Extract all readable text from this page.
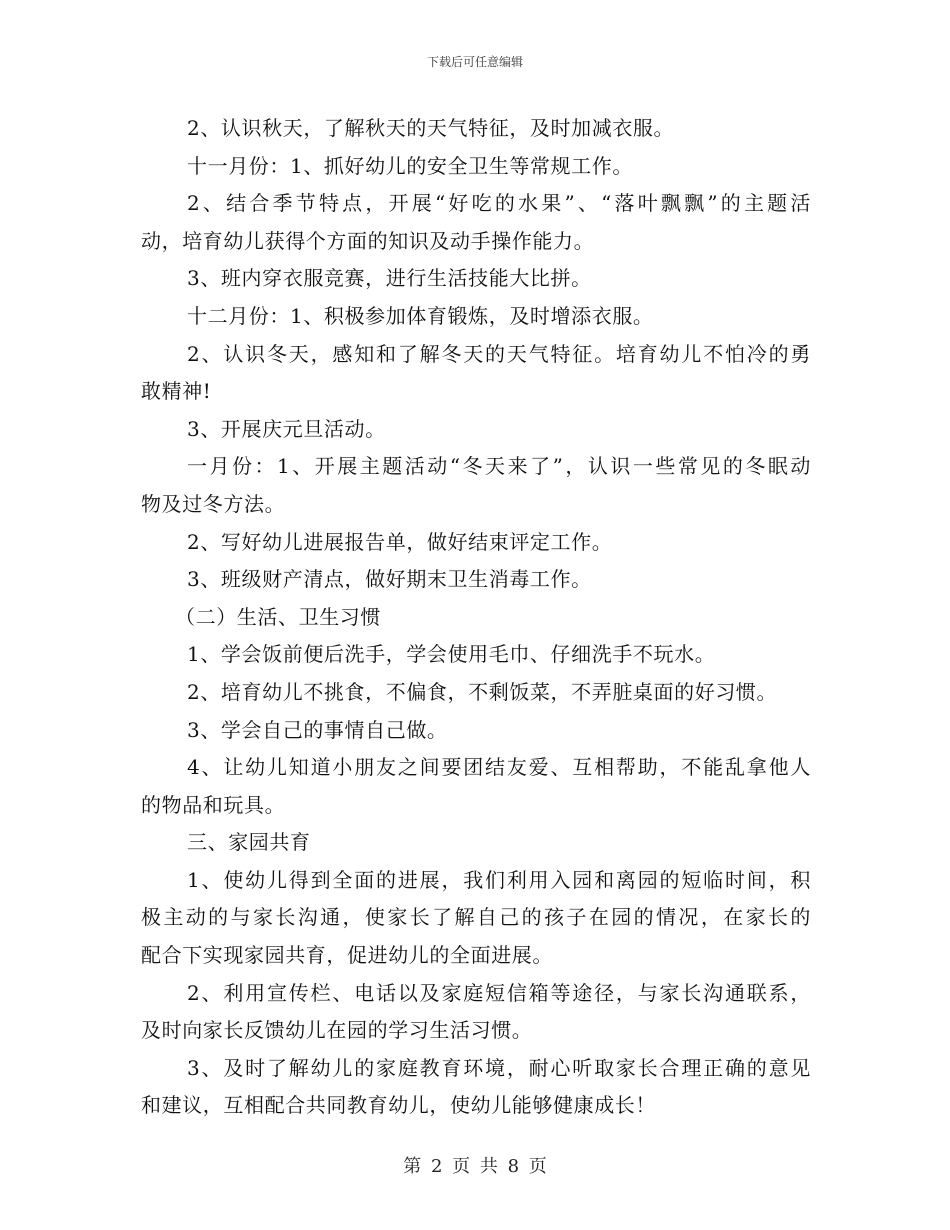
下载后可任意编辑
2、认识秋天，了解秋天的天气特征，及时加减衣服。
十一月份：1、抓好幼儿的安全卫生等常规工作。
2、结合季节特点，开展“好吃的水果”、“落叶飘飘”的主题活
动，培育幼儿获得个方面的知识及动手操作能力。
3、班内穿衣服竞赛，进行生活技能大比拼。
十二月份：1、积极参加体育锻炼，及时增添衣服。
2、认识冬天，感知和了解冬天的天气特征。培育幼儿不怕冷的勇
敢精神!
3、开展庆元旦活动。
一月份：1、开展主题活动“冬天来了”，认识一些常见的冬眠动
物及过冬方法。
2、写好幼儿进展报告单，做好结束评定工作。
3、班级财产清点，做好期末卫生消毒工作。
（二）生活、卫生习惯
1、学会饭前便后洗手，学会使用毛巾、仔细洗手不玩水。
2、培育幼儿不挑食，不偏食，不剩饭菜，不弄脏桌面的好习惯。
3、学会自己的事情自己做。
4、让幼儿知道小朋友之间要团结友爱、互相帮助，不能乱拿他人
的物品和玩具。
三、家园共育
1、使幼儿得到全面的进展，我们利用入园和离园的短临时间，积
极主动的与家长沟通，使家长了解自己的孩子在园的情况，在家长的
配合下实现家园共育，促进幼儿的全面进展。
2、利用宣传栏、电话以及家庭短信箱等途径，与家长沟通联系，
及时向家长反馈幼儿在园的学习生活习惯。
3、及时了解幼儿的家庭教育环境，耐心听取家长合理正确的意见
和建议，互相配合共同教育幼儿，使幼儿能够健康成长！
第 2 页 共 8 页
